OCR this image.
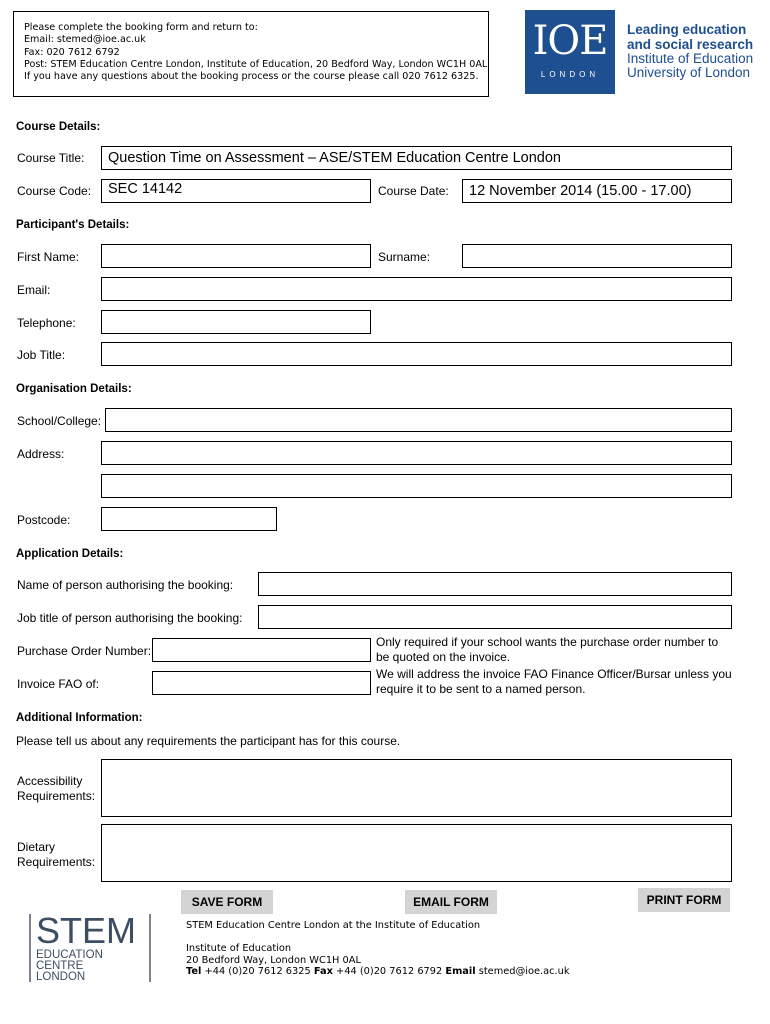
Please complete the booking form and return to:
Email: stemed@ioe.ac.uk
Fax: 020 7612 6792
Post: STEM Education Centre London, Institute of Education, 20 Bedford Way, London WC1H 0AL
If you have any questions about the booking process or the course please call 020 7612 6325.
IOE
LONDON
Leading education
and social research
Institute of Education
University of London
Course Details:
Course Title:	Question Time on Assessment – ASE/STEM Education Centre London
Course Code:	SEC 14142	Course Date:	12 November 2014 (15.00 - 17.00)
Participant's Details:
First Name:	Surname:
Email:
Telephone:
Job Title:
Organisation Details:
School/College:
Address:
Postcode:
Application Details:
Name of person authorising the booking:
Job title of person authorising the booking:
Purchase Order Number:
Only required if your school wants the purchase order number to
be quoted on the invoice.
Invoice FAO of:
We will address the invoice FAO Finance Officer/Bursar unless you
require it to be sent to a named person.
Additional Information:
Please tell us about any requirements the participant has for this course.
Accessibility
Requirements:
Dietary
Requirements:
SAVE FORM	EMAIL FORM	PRINT FORM
STEM
EDUCATION
CENTRE
LONDON
STEM Education Centre London at the Institute of Education
Institute of Education
20 Bedford Way, London WC1H 0AL
Tel +44 (0)20 7612 6325 Fax +44 (0)20 7612 6792 Email stemed@ioe.ac.uk
